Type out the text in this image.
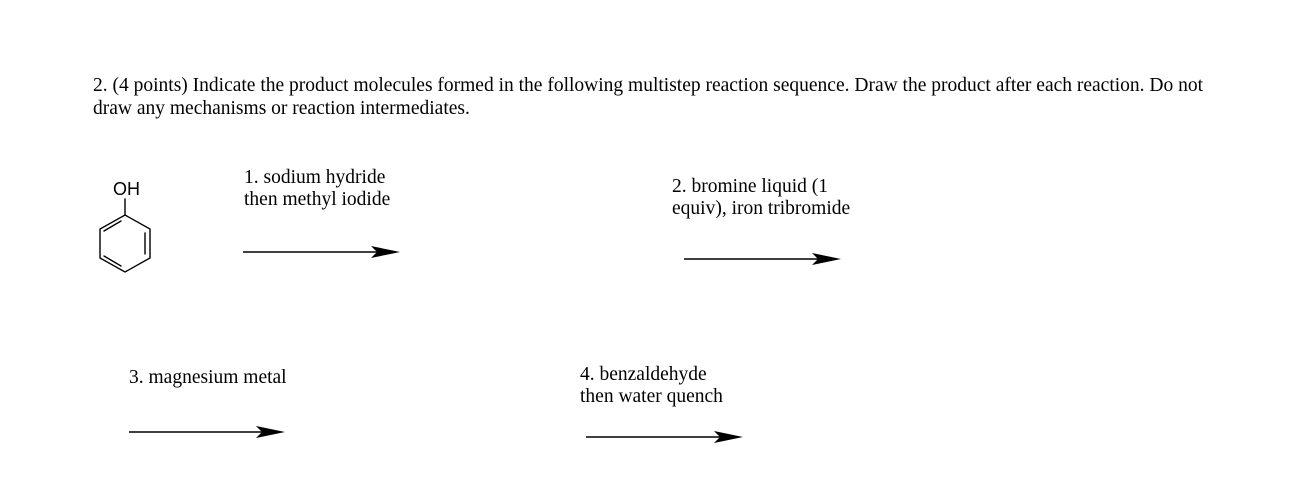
2. (4 points) Indicate the product molecules formed in the following multistep reaction sequence. Draw the product after each reaction. Do not draw any mechanisms or reaction intermediates.

OH
1. sodium hydride
then methyl iodide
2. bromine liquid (1
equiv), iron tribromide
3. magnesium metal	4. benzaldehyde
then water quench
